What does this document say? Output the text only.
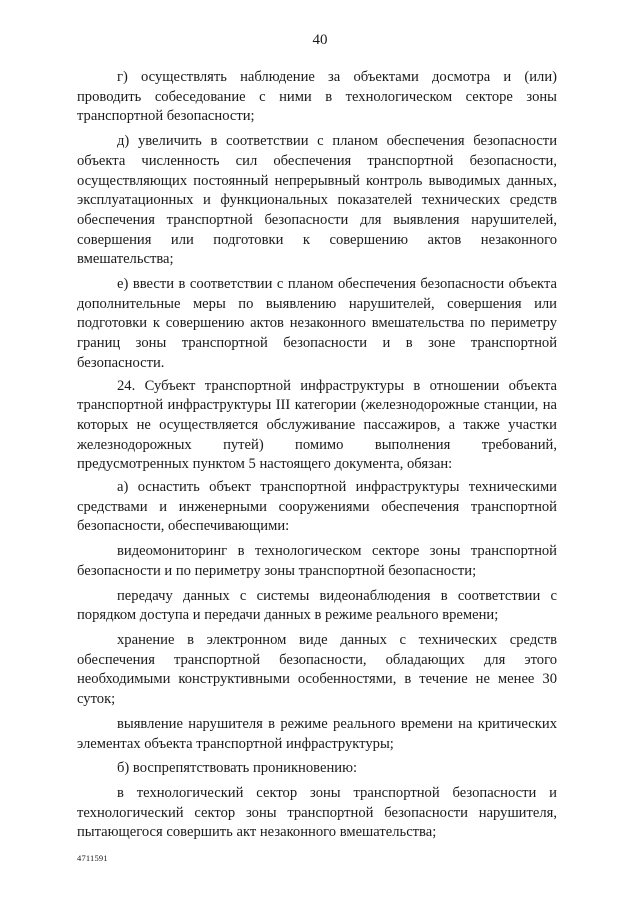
40

г) осуществлять наблюдение за объектами досмотра и (или) проводить собеседование с ними в технологическом секторе зоны транспортной безопасности;

д) увеличить в соответствии с планом обеспечения безопасности объекта численность сил обеспечения транспортной безопасности, осуществляющих постоянный непрерывный контроль выводимых данных, эксплуатационных и функциональных показателей технических средств обеспечения транспортной безопасности для выявления нарушителей, совершения или подготовки к совершению актов незаконного вмешательства;

е) ввести в соответствии с планом обеспечения безопасности объекта дополнительные меры по выявлению нарушителей, совершения или подготовки к совершению актов незаконного вмешательства по периметру границ зоны транспортной безопасности и в зоне транспортной безопасности.

24. Субъект транспортной инфраструктуры в отношении объекта транспортной инфраструктуры III категории (железнодорожные станции, на которых не осуществляется обслуживание пассажиров, а также участки железнодорожных путей) помимо выполнения требований, предусмотренных пунктом 5 настоящего документа, обязан:

а) оснастить объект транспортной инфраструктуры техническими средствами и инженерными сооружениями обеспечения транспортной безопасности, обеспечивающими:

видеомониторинг в технологическом секторе зоны транспортной безопасности и по периметру зоны транспортной безопасности;

передачу данных с системы видеонаблюдения в соответствии с порядком доступа и передачи данных в режиме реального времени;

хранение в электронном виде данных с технических средств обеспечения транспортной безопасности, обладающих для этого необходимыми конструктивными особенностями, в течение не менее 30 суток;

выявление нарушителя в режиме реального времени на критических элементах объекта транспортной инфраструктуры;

б) воспрепятствовать проникновению:

в технологический сектор зоны транспортной безопасности и технологический сектор зоны транспортной безопасности нарушителя, пытающегося совершить акт незаконного вмешательства;

4711591
